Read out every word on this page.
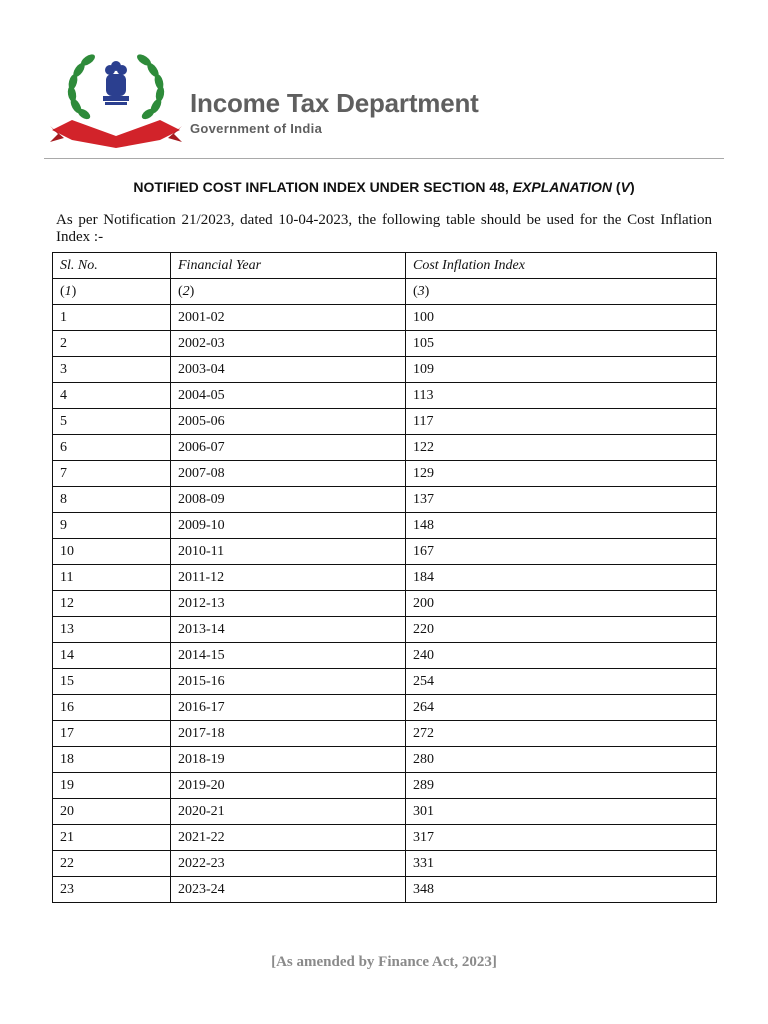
Income Tax Department
Government of India
NOTIFIED COST INFLATION INDEX UNDER SECTION 48, EXPLANATION (V)
As per Notification 21/2023, dated 10-04-2023, the following table should be used for the Cost Inflation Index :-
Sl. No.	Financial Year	Cost Inflation Index
(1)	(2)	(3)
1	2001-02	100
2	2002-03	105
3	2003-04	109
4	2004-05	113
5	2005-06	117
6	2006-07	122
7	2007-08	129
8	2008-09	137
9	2009-10	148
10	2010-11	167
11	2011-12	184
12	2012-13	200
13	2013-14	220
14	2014-15	240
15	2015-16	254
16	2016-17	264
17	2017-18	272
18	2018-19	280
19	2019-20	289
20	2020-21	301
21	2021-22	317
22	2022-23	331
23	2023-24	348
[As amended by Finance Act, 2023]
